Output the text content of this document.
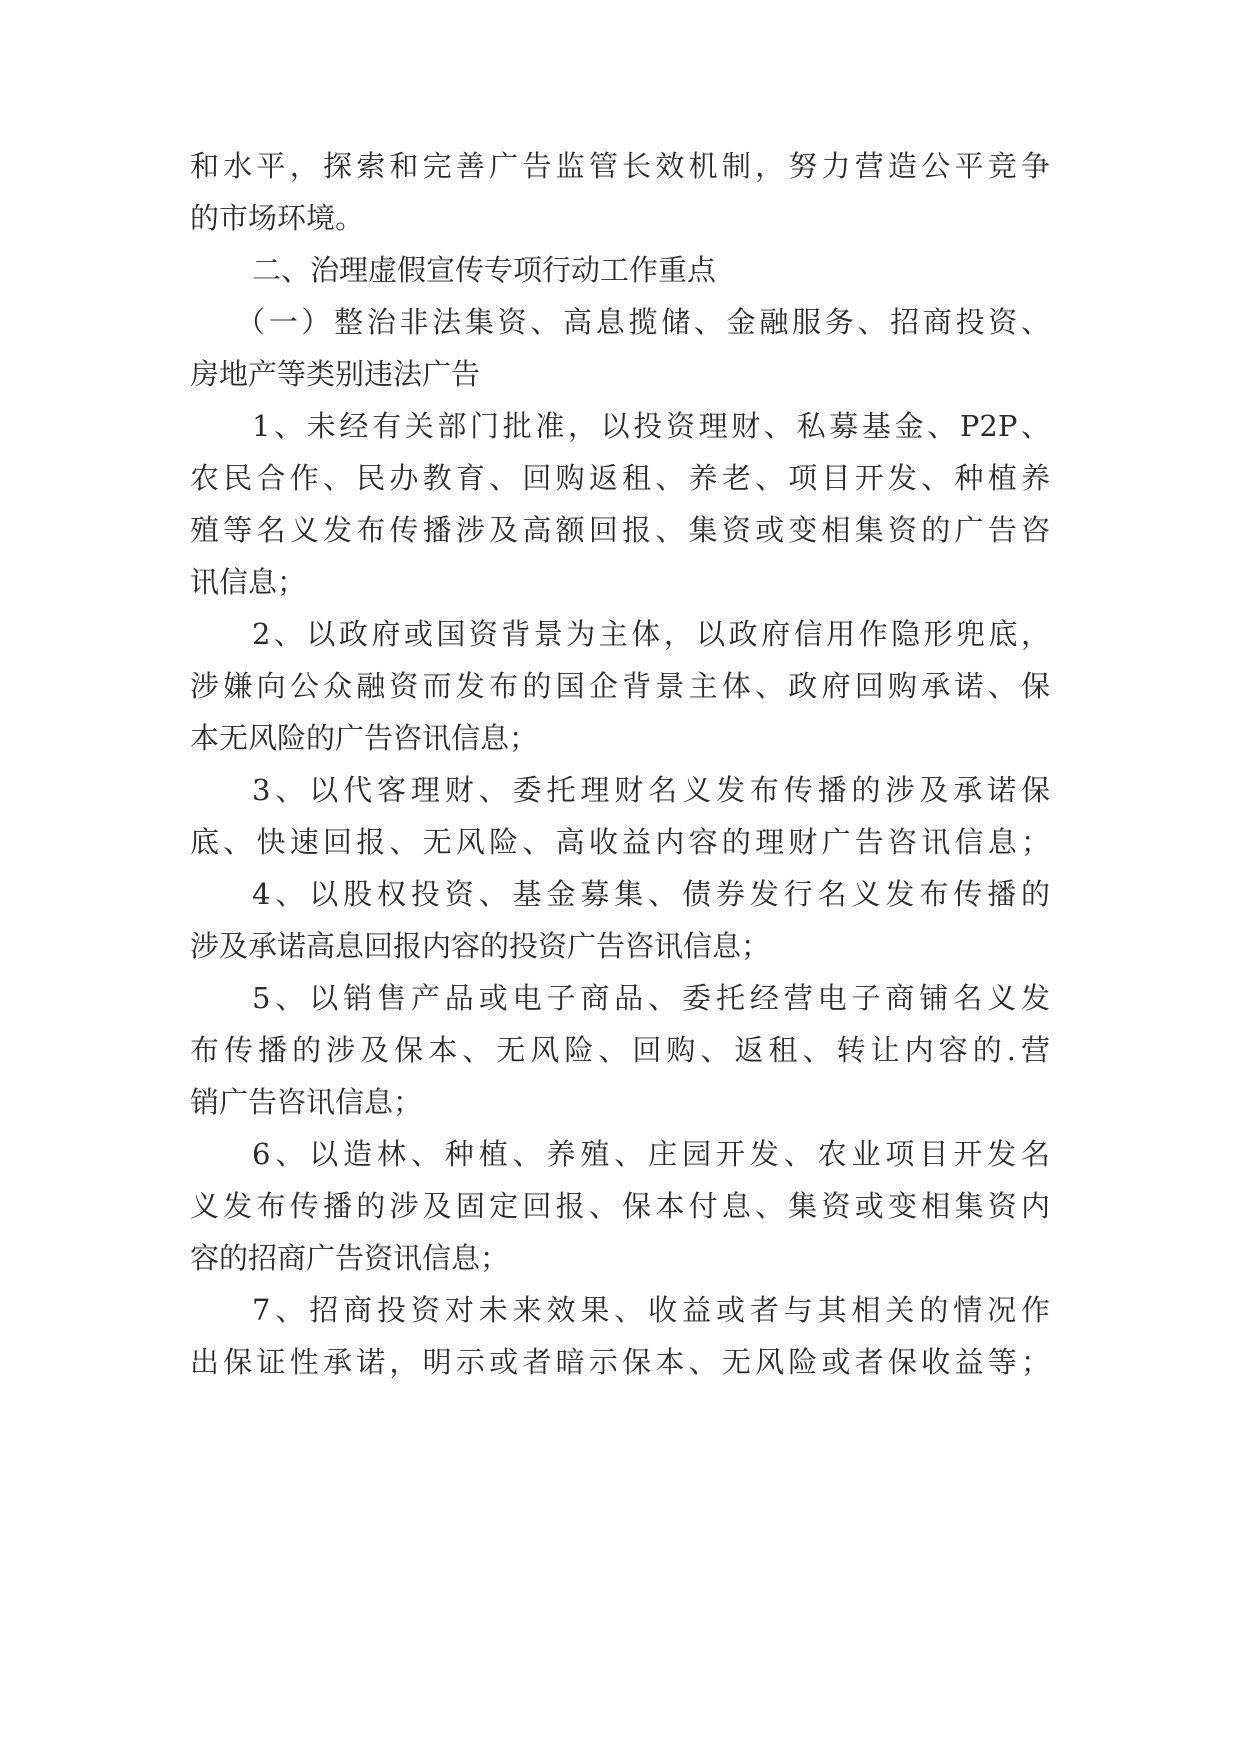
和水平，探索和完善广告监管长效机制，努力营造公平竞争
的市场环境。
二、治理虚假宣传专项行动工作重点
（一）整治非法集资、高息揽储、金融服务、招商投资、
房地产等类别违法广告
1、未经有关部门批准，以投资理财、私募基金、P2P、
农民合作、民办教育、回购返租、养老、项目开发、种植养
殖等名义发布传播涉及高额回报、集资或变相集资的广告咨
讯信息；
2、以政府或国资背景为主体，以政府信用作隐形兜底，
涉嫌向公众融资而发布的国企背景主体、政府回购承诺、保
本无风险的广告咨讯信息；
3、以代客理财、委托理财名义发布传播的涉及承诺保
底、快速回报、无风险、高收益内容的理财广告咨讯信息；
4、以股权投资、基金募集、债券发行名义发布传播的
涉及承诺高息回报内容的投资广告咨讯信息；
5、以销售产品或电子商品、委托经营电子商铺名义发
布传播的涉及保本、无风险、回购、返租、转让内容的.营
销广告咨讯信息；
6、以造林、种植、养殖、庄园开发、农业项目开发名
义发布传播的涉及固定回报、保本付息、集资或变相集资内
容的招商广告资讯信息；
7、招商投资对未来效果、收益或者与其相关的情况作
出保证性承诺，明示或者暗示保本、无风险或者保收益等；
